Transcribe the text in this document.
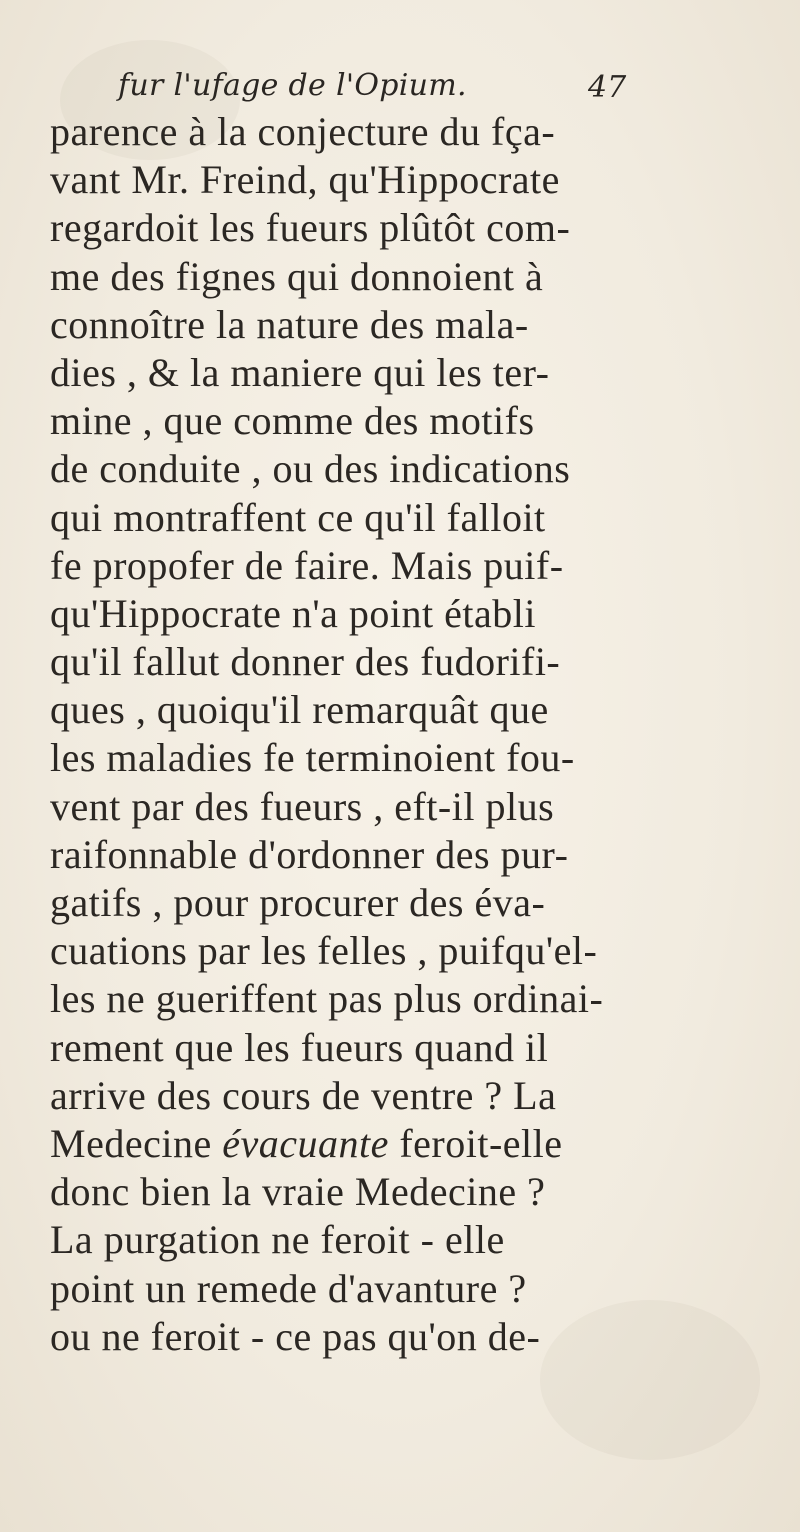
fur l'ufage de l'Opium.	47
parence à la conjecture du fça-
vant Mr. Freind, qu'Hippocrate
regardoit les fueurs plûtôt com-
me des fignes qui donnoient à
connoître la nature des mala-
dies , & la maniere qui les ter-
mine , que comme des motifs
de conduite , ou des indications
qui montraffent ce qu'il falloit
fe propofer de faire. Mais puif-
qu'Hippocrate n'a point établi
qu'il fallut donner des fudorifi-
ques , quoiqu'il remarquât que
les maladies fe terminoient fou-
vent par des fueurs , eft-il plus
raifonnable d'ordonner des pur-
gatifs , pour procurer des éva-
cuations par les felles , puifqu'el-
les ne gueriffent pas plus ordinai-
rement que les fueurs quand il
arrive des cours de ventre ? La
Medecine évacuante feroit-elle
donc bien la vraie Medecine ?
La purgation ne feroit - elle
point un remede d'avanture ?
ou ne feroit - ce pas qu'on de-
